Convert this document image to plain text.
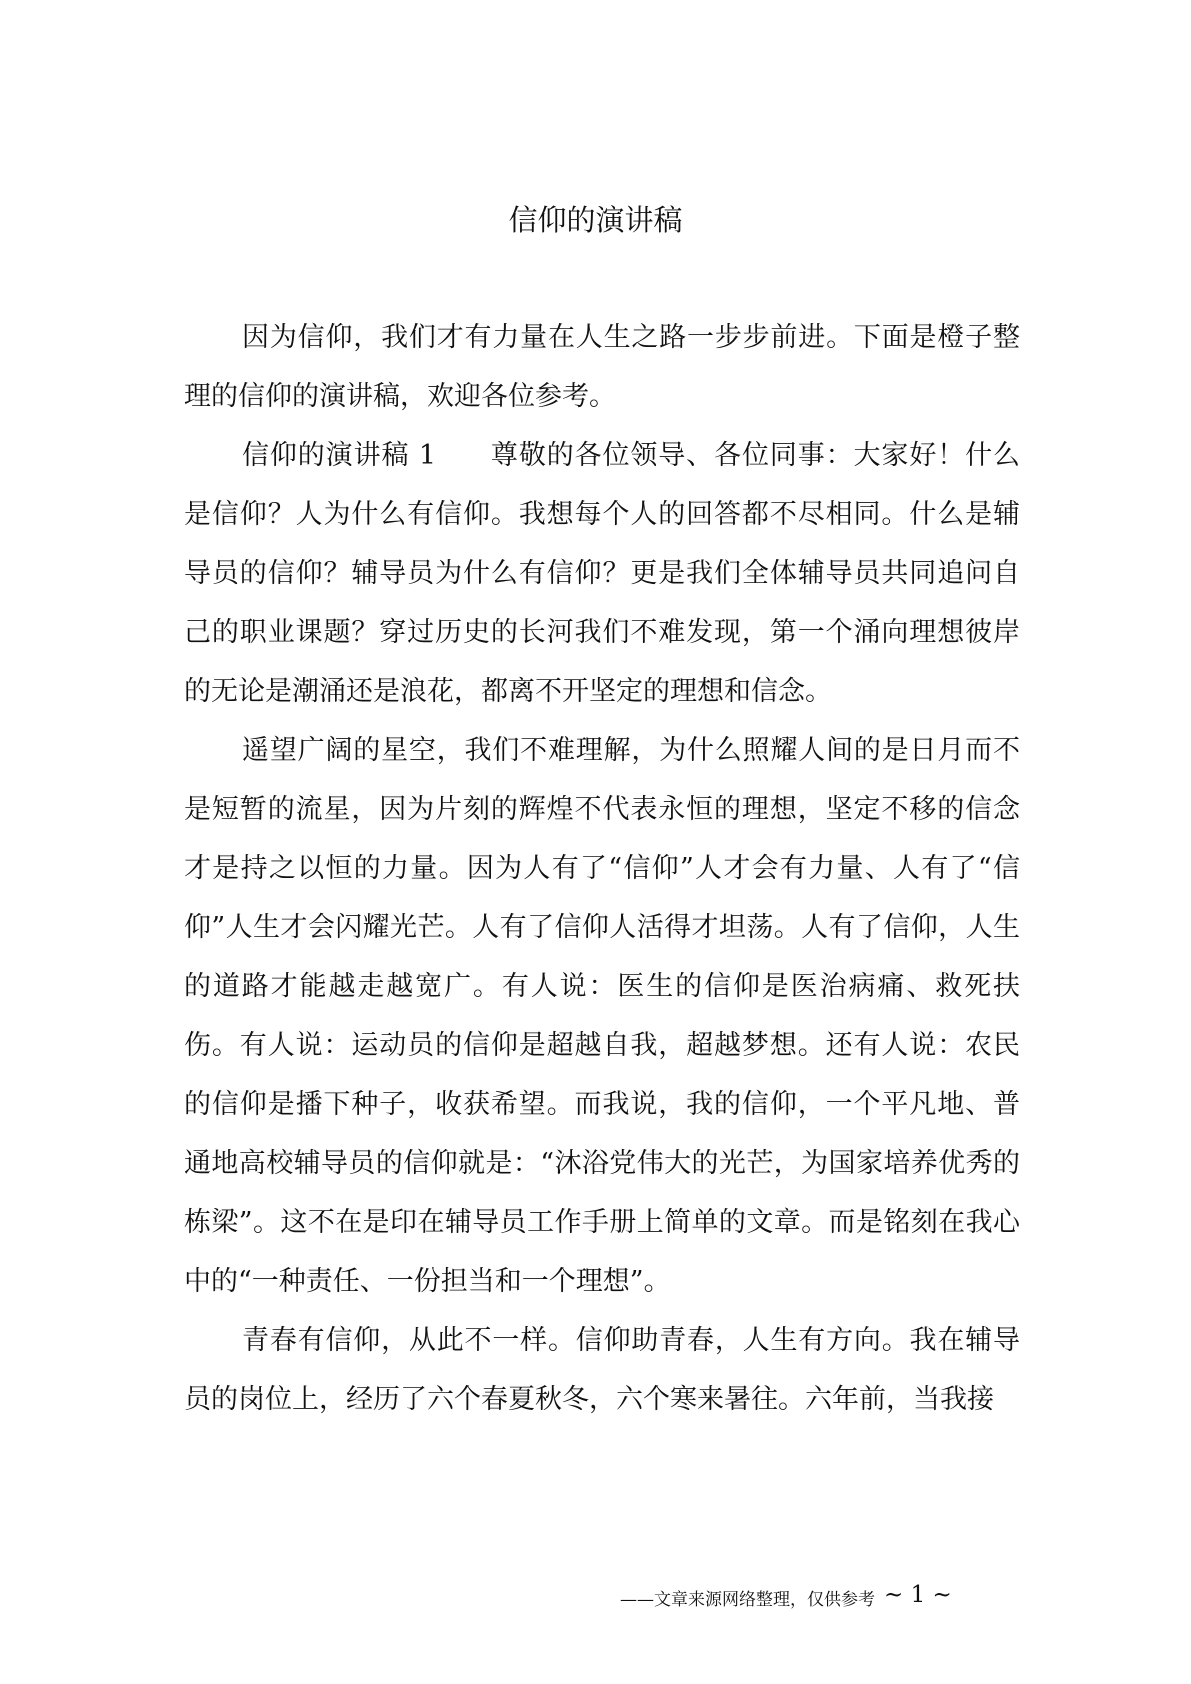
信仰的演讲稿

因为信仰，我们才有力量在人生之路一步步前进。下面是橙子整理的信仰的演讲稿，欢迎各位参考。

信仰的演讲稿 1 尊敬的各位领导、各位同事：大家好！什么是信仰？人为什么有信仰。我想每个人的回答都不尽相同。什么是辅导员的信仰？辅导员为什么有信仰？更是我们全体辅导员共同追问自己的职业课题？穿过历史的长河我们不难发现，第一个涌向理想彼岸的无论是潮涌还是浪花，都离不开坚定的理想和信念。

遥望广阔的星空，我们不难理解，为什么照耀人间的是日月而不是短暂的流星，因为片刻的辉煌不代表永恒的理想，坚定不移的信念才是持之以恒的力量。因为人有了“信仰”人才会有力量、人有了“信仰”人生才会闪耀光芒。人有了信仰人活得才坦荡。人有了信仰，人生的道路才能越走越宽广。有人说：医生的信仰是医治病痛、救死扶伤。有人说：运动员的信仰是超越自我，超越梦想。还有人说：农民的信仰是播下种子，收获希望。而我说，我的信仰，一个平凡地、普通地高校辅导员的信仰就是：“沐浴党伟大的光芒，为国家培养优秀的栋梁”。这不在是印在辅导员工作手册上简单的文章。而是铭刻在我心中的“一种责任、一份担当和一个理想”。

青春有信仰，从此不一样。信仰助青春，人生有方向。我在辅导员的岗位上，经历了六个春夏秋冬，六个寒来暑往。六年前，当我接

——文章来源网络整理，仅供参考 ~ 1 ~
